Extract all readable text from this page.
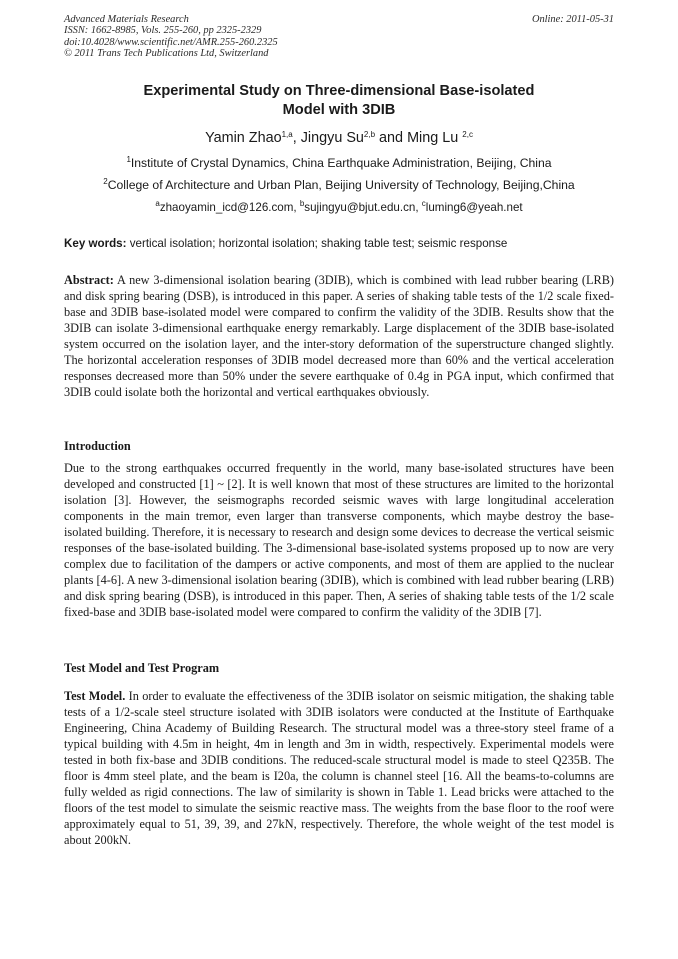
Advanced Materials Research
ISSN: 1662-8985, Vols. 255-260, pp 2325-2329
doi:10.4028/www.scientific.net/AMR.255-260.2325
© 2011 Trans Tech Publications Ltd, Switzerland
Online: 2011-05-31
Experimental Study on Three-dimensional Base-isolated
Model with 3DIB
Yamin Zhao$^{1,a}$, Jingyu Su$^{2,b}$ and Ming Lu $^{2,c}$
$^1$Institute of Crystal Dynamics, China Earthquake Administration, Beijing, China
$^2$College of Architecture and Urban Plan, Beijing University of Technology, Beijing,China
$^a$zhaoyamin_icd@126.com, $^b$sujingyu@bjut.edu.cn, $^c$luming6@yeah.net
Key words: vertical isolation; horizontal isolation; shaking table test; seismic response
Abstract: A new 3-dimensional isolation bearing (3DIB), which is combined with lead rubber bearing (LRB) and disk spring bearing (DSB), is introduced in this paper. A series of shaking table tests of the 1/2 scale fixed-base and 3DIB base-isolated model were compared to confirm the validity of the 3DIB. Results show that the 3DIB can isolate 3-dimensional earthquake energy remarkably. Large displacement of the 3DIB base-isolated system occurred on the isolation layer, and the inter-story deformation of the superstructure changed slightly. The horizontal acceleration responses of 3DIB model decreased more than 60% and the vertical acceleration responses decreased more than 50% under the severe earthquake of 0.4g in PGA input, which confirmed that 3DIB could isolate both the horizontal and vertical earthquakes obviously.
Introduction
Due to the strong earthquakes occurred frequently in the world, many base-isolated structures have been developed and constructed [1] ~ [2]. It is well known that most of these structures are limited to the horizontal isolation [3]. However, the seismographs recorded seismic waves with large longitudinal acceleration components in the main tremor, even larger than transverse components, which maybe destroy the base-isolated building. Therefore, it is necessary to research and design some devices to decrease the vertical seismic responses of the base-isolated building. The 3-dimensional base-isolated systems proposed up to now are very complex due to facilitation of the dampers or active components, and most of them are applied to the nuclear plants [4-6]. A new 3-dimensional isolation bearing (3DIB), which is combined with lead rubber bearing (LRB) and disk spring bearing (DSB), is introduced in this paper. Then, A series of shaking table tests of the 1/2 scale fixed-base and 3DIB base-isolated model were compared to confirm the validity of the 3DIB [7].
Test Model and Test Program
Test Model. In order to evaluate the effectiveness of the 3DIB isolator on seismic mitigation, the shaking table tests of a 1/2-scale steel structure isolated with 3DIB isolators were conducted at the Institute of Earthquake Engineering, China Academy of Building Research. The structural model was a three-story steel frame of a typical building with 4.5m in height, 4m in length and 3m in width, respectively. Experimental models were tested in both fix-base and 3DIB conditions. The reduced-scale structural model is made to steel Q235B. The floor is 4mm steel plate, and the beam is I20a, the column is channel steel [16. All the beams-to-columns are fully welded as rigid connections. The law of similarity is shown in Table 1. Lead bricks were attached to the floors of the test model to simulate the seismic reactive mass. The weights from the base floor to the roof were approximately equal to 51, 39, 39, and 27kN, respectively. Therefore, the whole weight of the test model is about 200kN.
